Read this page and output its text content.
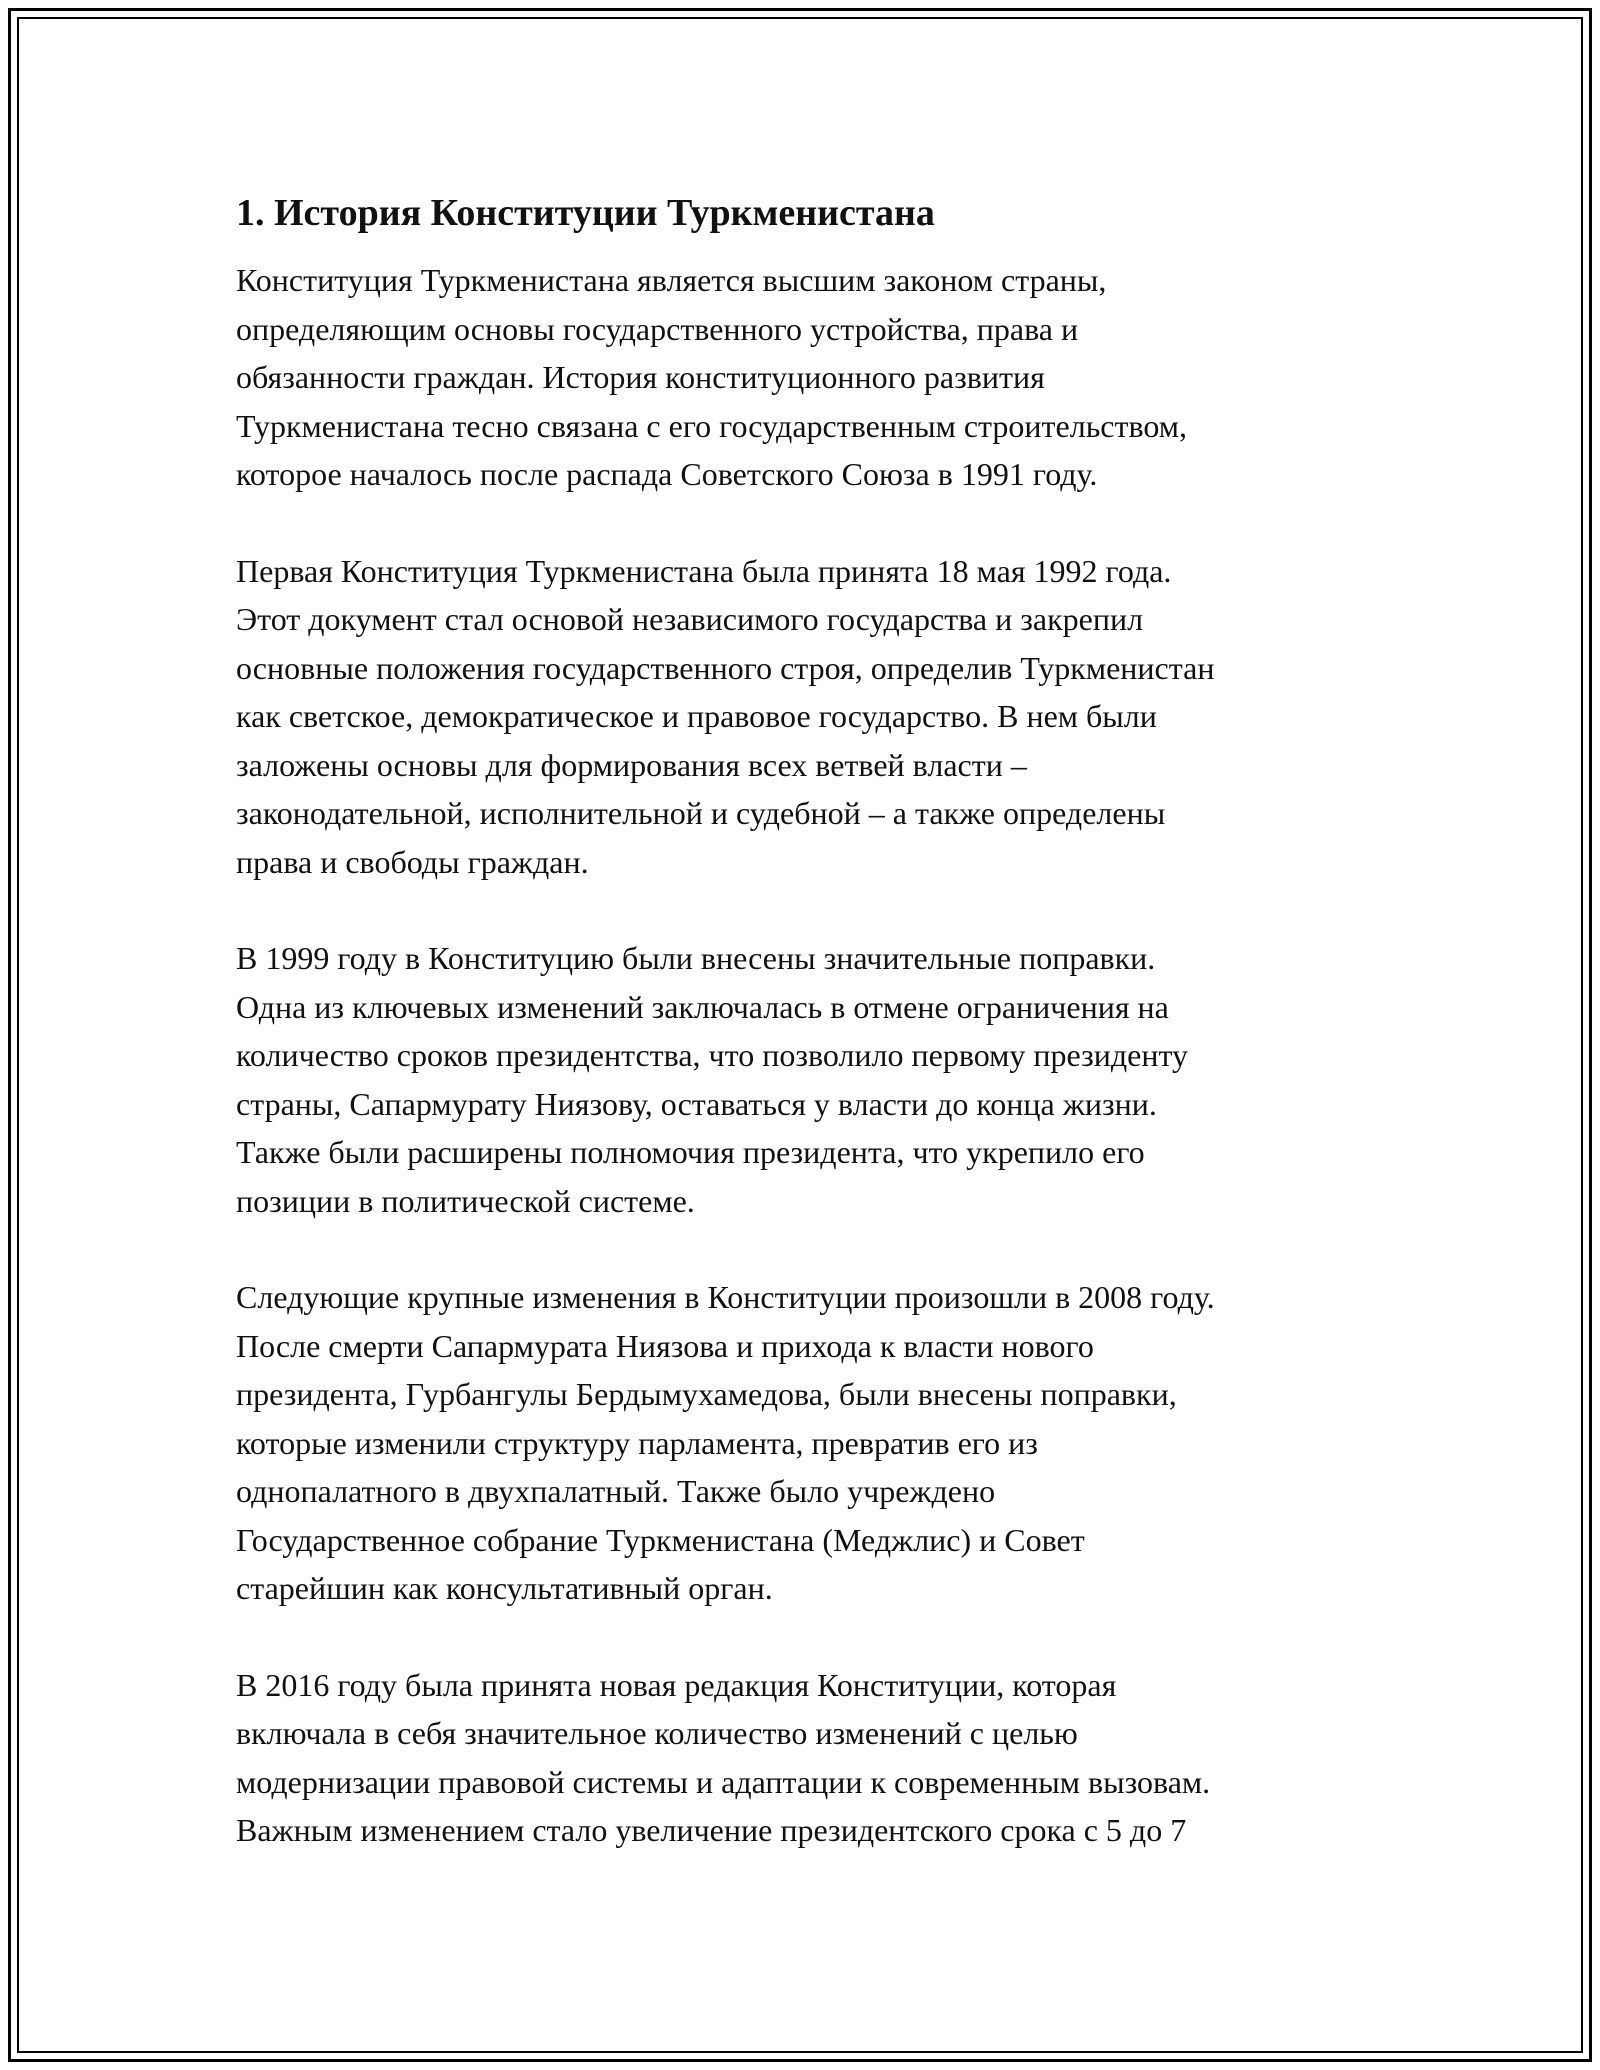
1. История Конституции Туркменистана
Конституция Туркменистана является высшим законом страны,
определяющим основы государственного устройства, права и
обязанности граждан. История конституционного развития
Туркменистана тесно связана с его государственным строительством,
которое началось после распада Советского Союза в 1991 году.
Первая Конституция Туркменистана была принята 18 мая 1992 года.
Этот документ стал основой независимого государства и закрепил
основные положения государственного строя, определив Туркменистан
как светское, демократическое и правовое государство. В нем были
заложены основы для формирования всех ветвей власти –
законодательной, исполнительной и судебной – а также определены
права и свободы граждан.
В 1999 году в Конституцию были внесены значительные поправки.
Одна из ключевых изменений заключалась в отмене ограничения на
количество сроков президентства, что позволило первому президенту
страны, Сапармурату Ниязову, оставаться у власти до конца жизни.
Также были расширены полномочия президента, что укрепило его
позиции в политической системе.
Следующие крупные изменения в Конституции произошли в 2008 году.
После смерти Сапармурата Ниязова и прихода к власти нового
президента, Гурбангулы Бердымухамедова, были внесены поправки,
которые изменили структуру парламента, превратив его из
однопалатного в двухпалатный. Также было учреждено
Государственное собрание Туркменистана (Меджлис) и Совет
старейшин как консультативный орган.
В 2016 году была принята новая редакция Конституции, которая
включала в себя значительное количество изменений с целью
модернизации правовой системы и адаптации к современным вызовам.
Важным изменением стало увеличение президентского срока с 5 до 7
